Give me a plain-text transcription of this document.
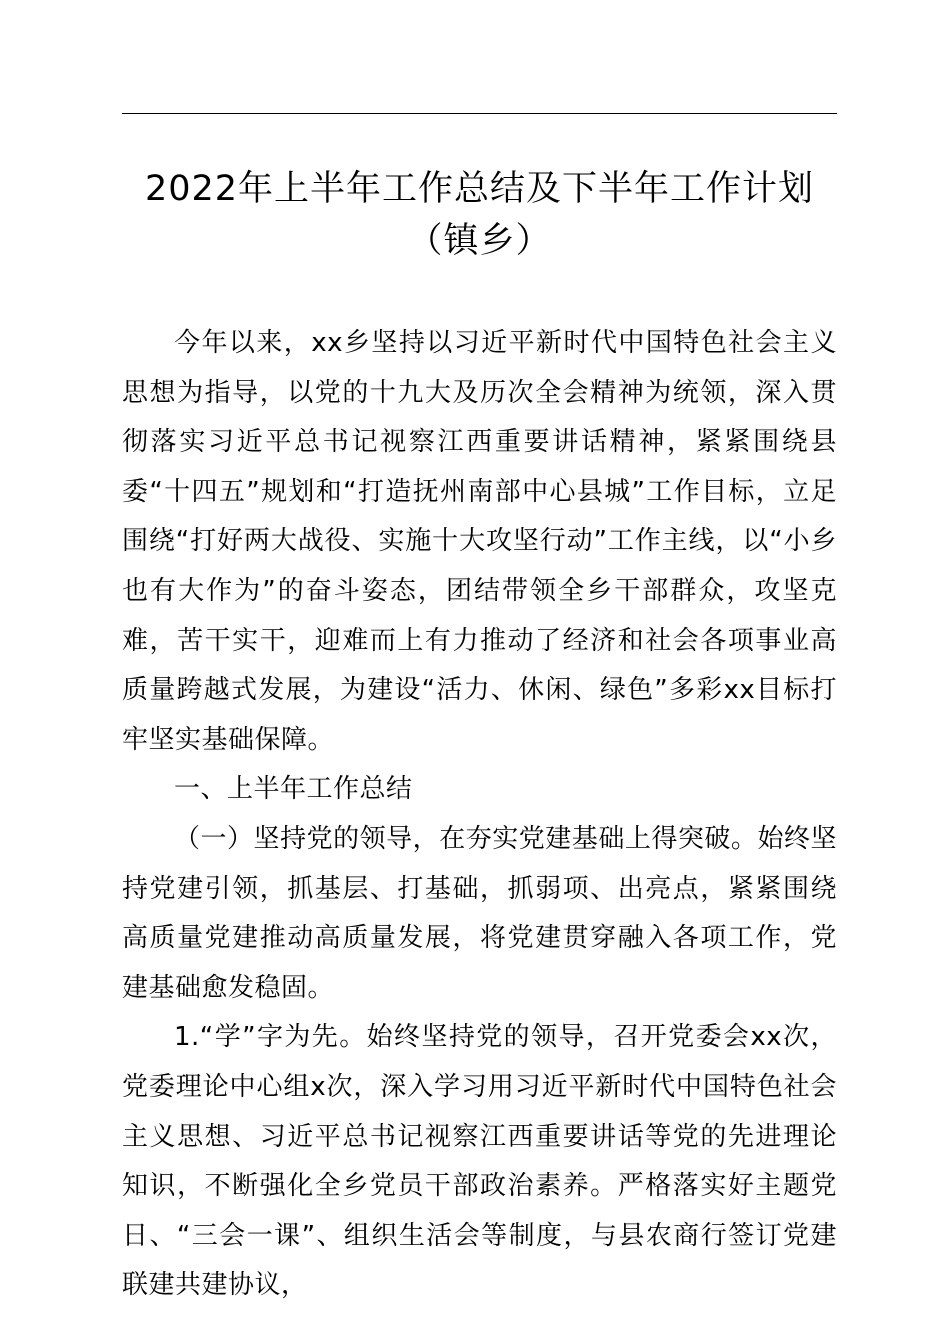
2022年上半年工作总结及下半年工作计划（镇乡）

今年以来，xx乡坚持以习近平新时代中国特色社会主义思想为指导，以党的十九大及历次全会精神为统领，深入贯彻落实习近平总书记视察江西重要讲话精神，紧紧围绕县委“十四五”规划和“打造抚州南部中心县城”工作目标，立足围绕“打好两大战役、实施十大攻坚行动”工作主线，以“小乡也有大作为”的奋斗姿态，团结带领全乡干部群众，攻坚克难，苦干实干，迎难而上有力推动了经济和社会各项事业高质量跨越式发展，为建设“活力、休闲、绿色”多彩xx目标打牢坚实基础保障。

一、上半年工作总结

（一）坚持党的领导，在夯实党建基础上得突破。始终坚持党建引领，抓基层、打基础，抓弱项、出亮点，紧紧围绕高质量党建推动高质量发展，将党建贯穿融入各项工作，党建基础愈发稳固。

1.“学”字为先。始终坚持党的领导，召开党委会xx次，党委理论中心组x次，深入学习用习近平新时代中国特色社会主义思想、习近平总书记视察江西重要讲话等党的先进理论知识，不断强化全乡党员干部政治素养。严格落实好主题党日、“三会一课”、组织生活会等制度，与县农商行签订党建联建共建协议，
